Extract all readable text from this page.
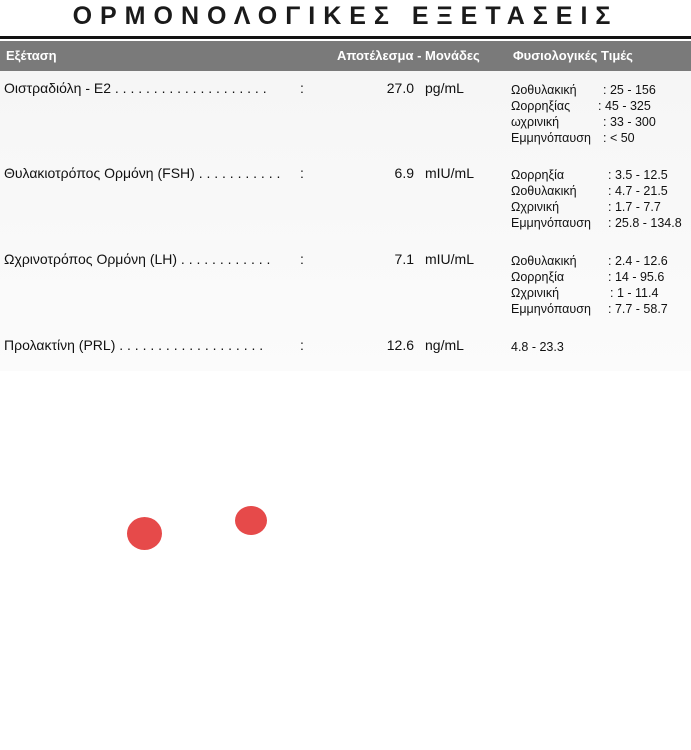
ΟΡΜΟΝΟΛΟΓΙΚΕΣ ΕΞΕΤΑΣΕΙΣ
Εξέταση	Αποτέλεσμα - Μονάδες	Φυσιολογικές Τιμές
Οιστραδιόλη - E2 . . . . . . . . . . . . . . . . . . . . :	27.0 pg/mL	Ωοθυλακική : 25 - 156
Ωορρηξίας : 45 - 325
ωχρινική	: 33 - 300
Εμμηνόπαυση : < 50
Θυλακιοτρόπος Ορμόνη (FSH) . . . . . . . . . . . :	6.9 mIU/mL	Ωορρηξία	: 3.5 - 12.5
Ωοθυλακική	: 4.7 - 21.5
Ωχρινική	: 1.7 - 7.7
Εμμηνόπαυση : 25.8 - 134.8
Ωχρινοτρόπος Ορμόνη (LH) . . . . . . . . . . . . :	7.1 mIU/mL	Ωοθυλακική	: 2.4 - 12.6
Ωορρηξία	: 14 - 95.6
Ωχρινική	: 1 - 11.4
Εμμηνόπαυση : 7.7 - 58.7
Προλακτίνη (PRL) . . . . . . . . . . . . . . . . . . .	:	12.6 ng/mL	4.8 - 23.3
